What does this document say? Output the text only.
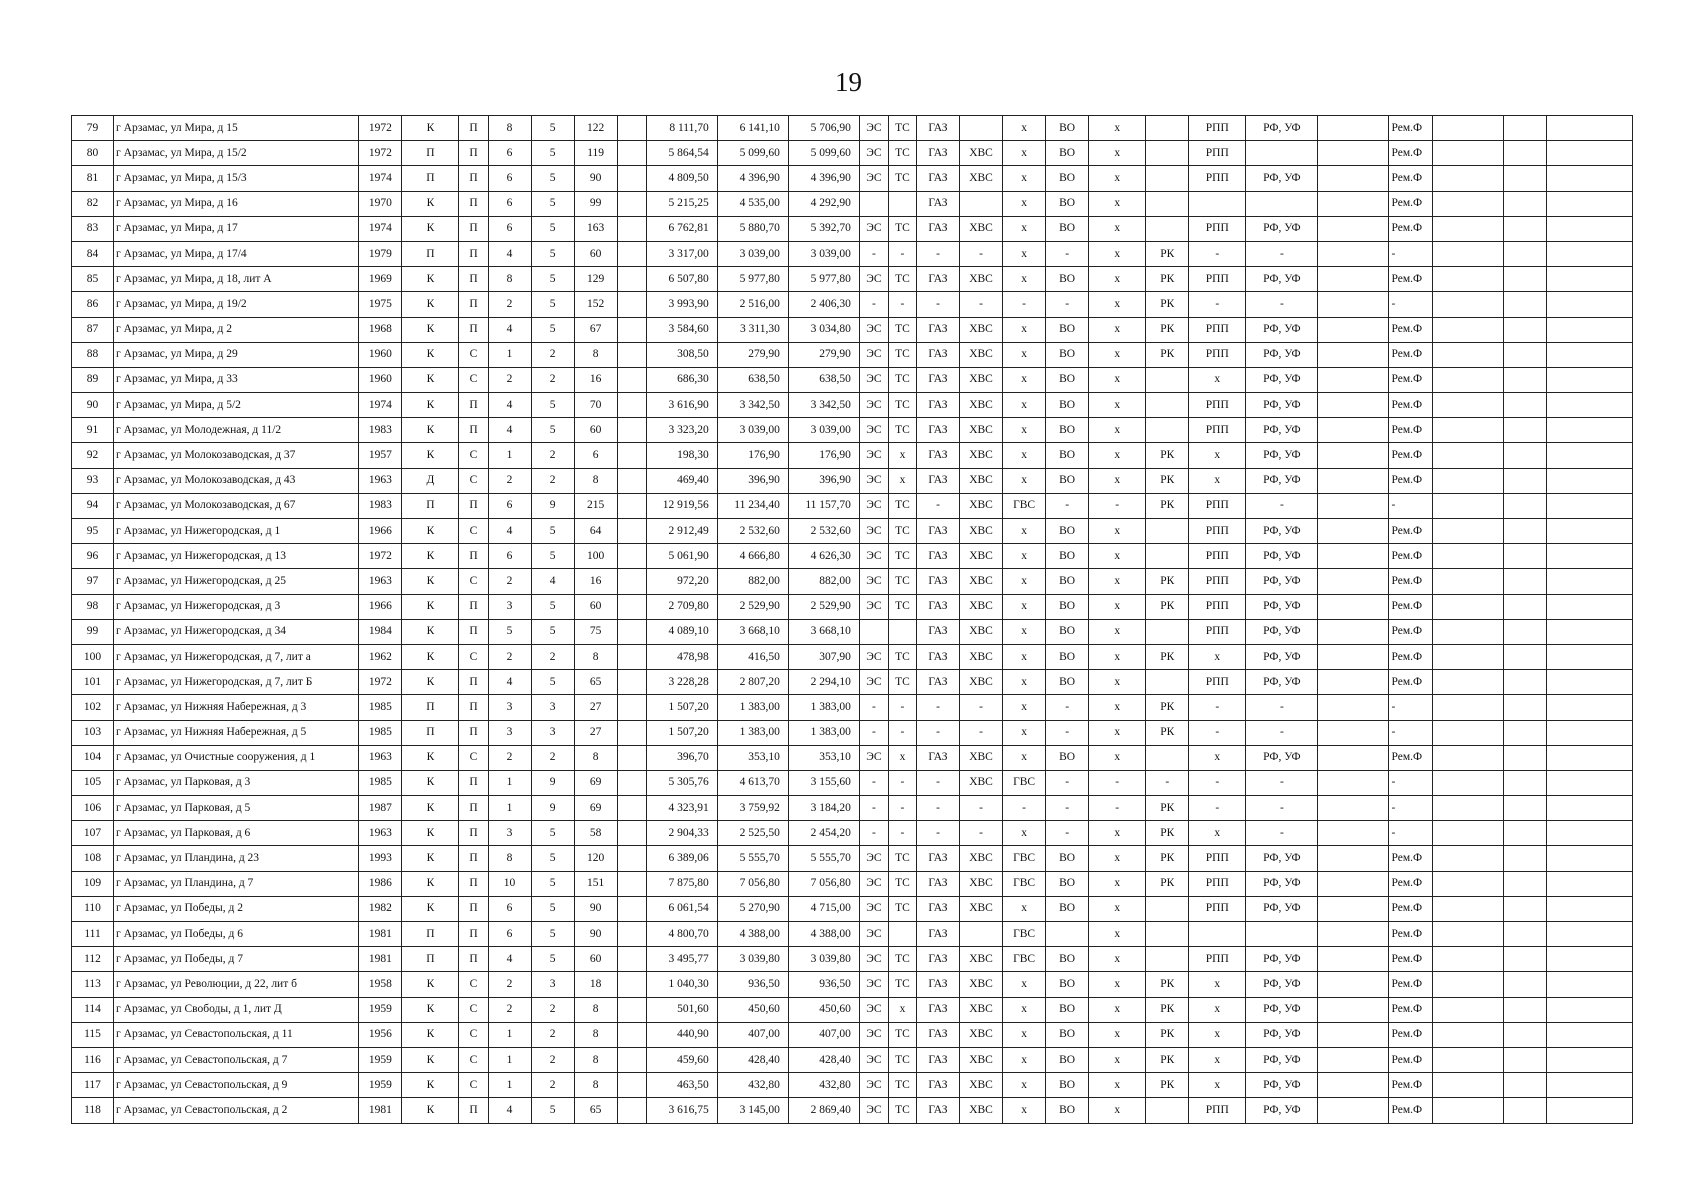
19
79	г Арзамас, ул Мира, д 15	1972	К	П	8	5	122		8 111,70	6 141,10	5 706,90	ЭС	ТС	ГАЗ		х	ВО	х		РПП	РФ, УФ		Рем.Ф			
80	г Арзамас, ул Мира, д 15/2	1972	П	П	6	5	119		5 864,54	5 099,60	5 099,60	ЭС	ТС	ГАЗ	ХВС	х	ВО	х		РПП			Рем.Ф			
81	г Арзамас, ул Мира, д 15/3	1974	П	П	6	5	90		4 809,50	4 396,90	4 396,90	ЭС	ТС	ГАЗ	ХВС	х	ВО	х		РПП	РФ, УФ		Рем.Ф			
82	г Арзамас, ул Мира, д 16	1970	К	П	6	5	99		5 215,25	4 535,00	4 292,90			ГАЗ		х	ВО	х					Рем.Ф			
83	г Арзамас, ул Мира, д 17	1974	К	П	6	5	163		6 762,81	5 880,70	5 392,70	ЭС	ТС	ГАЗ	ХВС	х	ВО	х		РПП	РФ, УФ		Рем.Ф			
84	г Арзамас, ул Мира, д 17/4	1979	П	П	4	5	60		3 317,00	3 039,00	3 039,00	-	-	-	-	х	-	х	РК	-	-		-			
85	г Арзамас, ул Мира, д 18, лит А	1969	К	П	8	5	129		6 507,80	5 977,80	5 977,80	ЭС	ТС	ГАЗ	ХВС	х	ВО	х	РК	РПП	РФ, УФ		Рем.Ф			
86	г Арзамас, ул Мира, д 19/2	1975	К	П	2	5	152		3 993,90	2 516,00	2 406,30	-	-	-	-	-	-	х	РК	-	-		-			
87	г Арзамас, ул Мира, д 2	1968	К	П	4	5	67		3 584,60	3 311,30	3 034,80	ЭС	ТС	ГАЗ	ХВС	х	ВО	х	РК	РПП	РФ, УФ		Рем.Ф			
88	г Арзамас, ул Мира, д 29	1960	К	С	1	2	8		308,50	279,90	279,90	ЭС	ТС	ГАЗ	ХВС	х	ВО	х	РК	РПП	РФ, УФ		Рем.Ф			
89	г Арзамас, ул Мира, д 33	1960	К	С	2	2	16		686,30	638,50	638,50	ЭС	ТС	ГАЗ	ХВС	х	ВО	х		х	РФ, УФ		Рем.Ф			
90	г Арзамас, ул Мира, д 5/2	1974	К	П	4	5	70		3 616,90	3 342,50	3 342,50	ЭС	ТС	ГАЗ	ХВС	х	ВО	х		РПП	РФ, УФ		Рем.Ф			
91	г Арзамас, ул Молодежная, д 11/2	1983	К	П	4	5	60		3 323,20	3 039,00	3 039,00	ЭС	ТС	ГАЗ	ХВС	х	ВО	х		РПП	РФ, УФ		Рем.Ф			
92	г Арзамас, ул Молокозаводская, д 37	1957	К	С	1	2	6		198,30	176,90	176,90	ЭС	х	ГАЗ	ХВС	х	ВО	х	РК	х	РФ, УФ		Рем.Ф			
93	г Арзамас, ул Молокозаводская, д 43	1963	Д	С	2	2	8		469,40	396,90	396,90	ЭС	х	ГАЗ	ХВС	х	ВО	х	РК	х	РФ, УФ		Рем.Ф			
94	г Арзамас, ул Молокозаводская, д 67	1983	П	П	6	9	215		12 919,56	11 234,40	11 157,70	ЭС	ТС	-	ХВС	ГВС	-	-	РК	РПП	-		-			
95	г Арзамас, ул Нижегородская, д 1	1966	К	С	4	5	64		2 912,49	2 532,60	2 532,60	ЭС	ТС	ГАЗ	ХВС	х	ВО	х		РПП	РФ, УФ		Рем.Ф			
96	г Арзамас, ул Нижегородская, д 13	1972	К	П	6	5	100		5 061,90	4 666,80	4 626,30	ЭС	ТС	ГАЗ	ХВС	х	ВО	х		РПП	РФ, УФ		Рем.Ф			
97	г Арзамас, ул Нижегородская, д 25	1963	К	С	2	4	16		972,20	882,00	882,00	ЭС	ТС	ГАЗ	ХВС	х	ВО	х	РК	РПП	РФ, УФ		Рем.Ф			
98	г Арзамас, ул Нижегородская, д 3	1966	К	П	3	5	60		2 709,80	2 529,90	2 529,90	ЭС	ТС	ГАЗ	ХВС	х	ВО	х	РК	РПП	РФ, УФ		Рем.Ф			
99	г Арзамас, ул Нижегородская, д 34	1984	К	П	5	5	75		4 089,10	3 668,10	3 668,10			ГАЗ	ХВС	х	ВО	х		РПП	РФ, УФ		Рем.Ф			
100	г Арзамас, ул Нижегородская, д 7, лит а	1962	К	С	2	2	8		478,98	416,50	307,90	ЭС	ТС	ГАЗ	ХВС	х	ВО	х	РК	х	РФ, УФ		Рем.Ф			
101	г Арзамас, ул Нижегородская, д 7, лит Б	1972	К	П	4	5	65		3 228,28	2 807,20	2 294,10	ЭС	ТС	ГАЗ	ХВС	х	ВО	х		РПП	РФ, УФ		Рем.Ф			
102	г Арзамас, ул Нижняя Набережная, д 3	1985	П	П	3	3	27		1 507,20	1 383,00	1 383,00	-	-	-	-	х	-	х	РК	-	-		-			
103	г Арзамас, ул Нижняя Набережная, д 5	1985	П	П	3	3	27		1 507,20	1 383,00	1 383,00	-	-	-	-	х	-	х	РК	-	-		-			
104	г Арзамас, ул Очистные сооружения, д 1	1963	К	С	2	2	8		396,70	353,10	353,10	ЭС	х	ГАЗ	ХВС	х	ВО	х		х	РФ, УФ		Рем.Ф			
105	г Арзамас, ул Парковая, д 3	1985	К	П	1	9	69		5 305,76	4 613,70	3 155,60	-	-	-	ХВС	ГВС	-	-	-	-	-		-			
106	г Арзамас, ул Парковая, д 5	1987	К	П	1	9	69		4 323,91	3 759,92	3 184,20	-	-	-	-	-	-	-	РК	-	-		-			
107	г Арзамас, ул Парковая, д 6	1963	К	П	3	5	58		2 904,33	2 525,50	2 454,20	-	-	-	-	х	-	х	РК	х	-		-			
108	г Арзамас, ул Пландина, д 23	1993	К	П	8	5	120		6 389,06	5 555,70	5 555,70	ЭС	ТС	ГАЗ	ХВС	ГВС	ВО	х	РК	РПП	РФ, УФ		Рем.Ф			
109	г Арзамас, ул Пландина, д 7	1986	К	П	10	5	151		7 875,80	7 056,80	7 056,80	ЭС	ТС	ГАЗ	ХВС	ГВС	ВО	х	РК	РПП	РФ, УФ		Рем.Ф			
110	г Арзамас, ул Победы, д 2	1982	К	П	6	5	90		6 061,54	5 270,90	4 715,00	ЭС	ТС	ГАЗ	ХВС	х	ВО	х		РПП	РФ, УФ		Рем.Ф			
111	г Арзамас, ул Победы, д 6	1981	П	П	6	5	90		4 800,70	4 388,00	4 388,00	ЭС		ГАЗ		ГВС		х					Рем.Ф			
112	г Арзамас, ул Победы, д 7	1981	П	П	4	5	60		3 495,77	3 039,80	3 039,80	ЭС	ТС	ГАЗ	ХВС	ГВС	ВО	х		РПП	РФ, УФ		Рем.Ф			
113	г Арзамас, ул Революции, д 22, лит б	1958	К	С	2	3	18		1 040,30	936,50	936,50	ЭС	ТС	ГАЗ	ХВС	х	ВО	х	РК	х	РФ, УФ		Рем.Ф			
114	г Арзамас, ул Свободы, д 1, лит Д	1959	К	С	2	2	8		501,60	450,60	450,60	ЭС	х	ГАЗ	ХВС	х	ВО	х	РК	х	РФ, УФ		Рем.Ф			
115	г Арзамас, ул Севастопольская, д 11	1956	К	С	1	2	8		440,90	407,00	407,00	ЭС	ТС	ГАЗ	ХВС	х	ВО	х	РК	х	РФ, УФ		Рем.Ф			
116	г Арзамас, ул Севастопольская, д 7	1959	К	С	1	2	8		459,60	428,40	428,40	ЭС	ТС	ГАЗ	ХВС	х	ВО	х	РК	х	РФ, УФ		Рем.Ф			
117	г Арзамас, ул Севастопольская, д 9	1959	К	С	1	2	8		463,50	432,80	432,80	ЭС	ТС	ГАЗ	ХВС	х	ВО	х	РК	х	РФ, УФ		Рем.Ф			
118	г Арзамас, ул Севастопольская, д 2	1981	К	П	4	5	65		3 616,75	3 145,00	2 869,40	ЭС	ТС	ГАЗ	ХВС	х	ВО	х		РПП	РФ, УФ		Рем.Ф			
